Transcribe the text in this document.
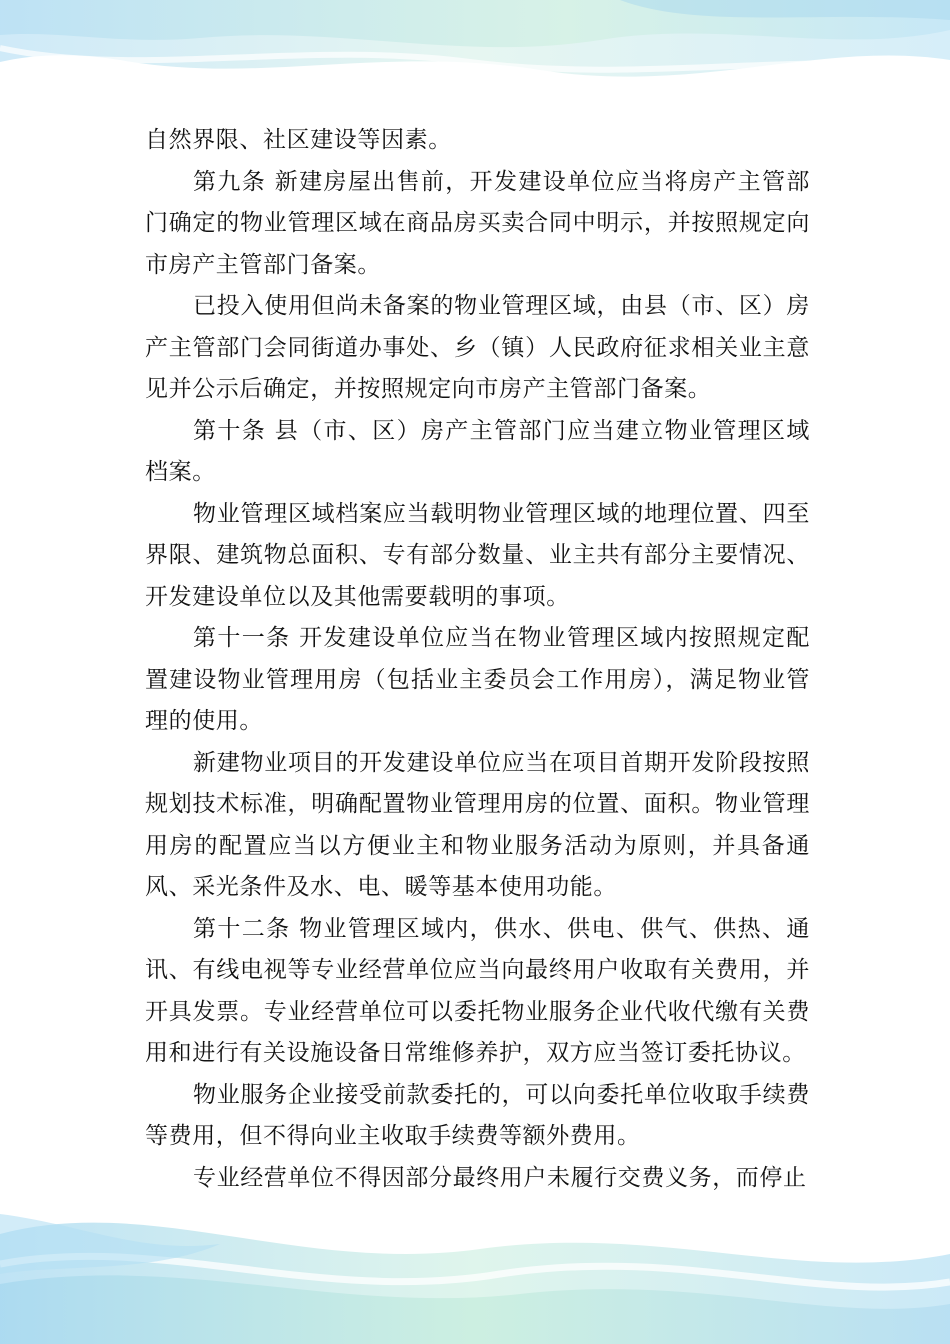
自然界限、社区建设等因素。

第九条 新建房屋出售前，开发建设单位应当将房产主管部门确定的物业管理区域在商品房买卖合同中明示，并按照规定向市房产主管部门备案。

已投入使用但尚未备案的物业管理区域，由县（市、区）房产主管部门会同街道办事处、乡（镇）人民政府征求相关业主意见并公示后确定，并按照规定向市房产主管部门备案。

第十条 县（市、区）房产主管部门应当建立物业管理区域档案。

物业管理区域档案应当载明物业管理区域的地理位置、四至界限、建筑物总面积、专有部分数量、业主共有部分主要情况、开发建设单位以及其他需要载明的事项。

第十一条 开发建设单位应当在物业管理区域内按照规定配置建设物业管理用房（包括业主委员会工作用房），满足物业管理的使用。

新建物业项目的开发建设单位应当在项目首期开发阶段按照规划技术标准，明确配置物业管理用房的位置、面积。物业管理用房的配置应当以方便业主和物业服务活动为原则，并具备通风、采光条件及水、电、暖等基本使用功能。

第十二条 物业管理区域内，供水、供电、供气、供热、通讯、有线电视等专业经营单位应当向最终用户收取有关费用，并开具发票。专业经营单位可以委托物业服务企业代收代缴有关费用和进行有关设施设备日常维修养护，双方应当签订委托协议。

物业服务企业接受前款委托的，可以向委托单位收取手续费等费用，但不得向业主收取手续费等额外费用。

专业经营单位不得因部分最终用户未履行交费义务，而停止
